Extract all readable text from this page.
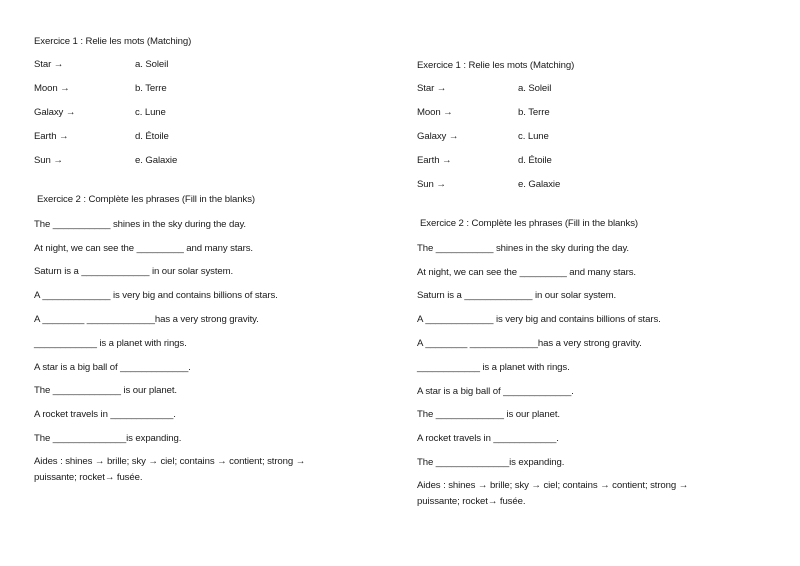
Exercice 1 : Relie les mots (Matching)
Star →	a. Soleil
Moon →	b. Terre
Galaxy →	c. Lune
Earth →	d. Étoile
Sun →	e. Galaxie
Exercice 2 : Complète les phrases (Fill in the blanks)
The ___________ shines in the sky during the day.
At night, we can see the _________ and many stars.
Saturn is a _____________ in our solar system.
A _____________ is very big and contains billions of stars.
A ________ _____________has a very strong gravity.
____________ is a planet with rings.
A star is a big ball of _____________.
The _____________ is our planet.
A rocket travels in ____________.
The ______________is expanding.
Aides : shines → brille; sky → ciel; contains → contient; strong → puissante; rocket→ fusée.
Exercice 1 : Relie les mots (Matching)
Star →	a. Soleil
Moon →	b. Terre
Galaxy →	c. Lune
Earth →	d. Étoile
Sun →	e. Galaxie
Exercice 2 : Complète les phrases (Fill in the blanks)
The ___________ shines in the sky during the day.
At night, we can see the _________ and many stars.
Saturn is a _____________ in our solar system.
A _____________ is very big and contains billions of stars.
A ________ _____________has a very strong gravity.
____________ is a planet with rings.
A star is a big ball of _____________.
The _____________ is our planet.
A rocket travels in ____________.
The ______________is expanding.
Aides : shines → brille; sky → ciel; contains → contient; strong → puissante; rocket→ fusée.
